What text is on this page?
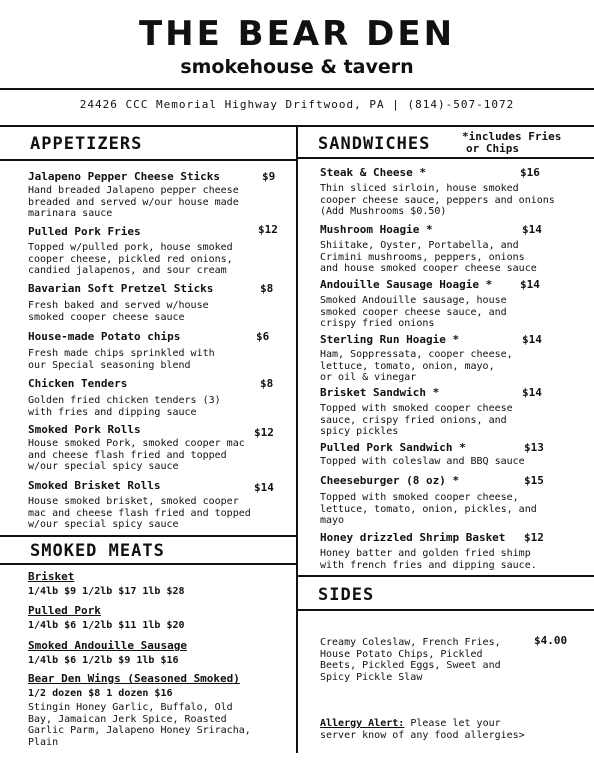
THE BEAR DEN
smokehouse & tavern
24426 CCC Memorial Highway Driftwood, PA | (814)-507-1072
APPETIZERS
Jalapeno Pepper Cheese Sticks	$9
Hand breaded Jalapeno pepper cheese
breaded and served w/our house made
marinara sauce
Pulled Pork Fries	$12
Topped w/pulled pork, house smoked
cooper cheese, pickled red onions,
candied jalapenos, and sour cream
Bavarian Soft Pretzel Sticks	$8
Fresh baked and served w/house
smoked cooper cheese sauce
House-made Potato chips	$6
Fresh made chips sprinkled with
our Special seasoning blend
Chicken Tenders	$8
Golden fried chicken tenders (3)
with fries and dipping sauce
Smoked Pork Rolls	$12
House smoked Pork, smoked cooper mac
and cheese flash fried and topped
w/our special spicy sauce
Smoked Brisket Rolls	$14
House smoked brisket, smoked cooper
mac and cheese flash fried and topped
w/our special spicy sauce
SMOKED MEATS
Brisket
1/4lb $9 1/2lb $17 1lb $28
Pulled Pork
1/4lb $6 1/2lb $11 1lb $20
Smoked Andouille Sausage
1/4lb $6 1/2lb $9 1lb $16
Bear Den Wings (Seasoned Smoked)
1/2 dozen $8 1 dozen $16
Stingin Honey Garlic, Buffalo, Old
Bay, Jamaican Jerk Spice, Roasted
Garlic Parm, Jalapeno Honey Sriracha,
Plain
SANDWICHES	*includes Fries
or Chips
Steak & Cheese *	$16
Thin sliced sirloin, house smoked
cooper cheese sauce, peppers and onions
(Add Mushrooms $0.50)
Mushroom Hoagie *	$14
Shiitake, Oyster, Portabella, and
Crimini mushrooms, peppers, onions
and house smoked cooper cheese sauce
Andouille Sausage Hoagie *	$14
Smoked Andouille sausage, house
smoked cooper cheese sauce, and
crispy fried onions
Sterling Run Hoagie *	$14
Ham, Soppressata, cooper cheese,
lettuce, tomato, onion, mayo,
or oil & vinegar
Brisket Sandwich *	$14
Topped with smoked cooper cheese
sauce, crispy fried onions, and
spicy pickles
Pulled Pork Sandwich *	$13
Topped with coleslaw and BBQ sauce
Cheeseburger (8 oz) *	$15
Topped with smoked cooper cheese,
lettuce, tomato, onion, pickles, and
mayo
Honey drizzled Shrimp Basket	$12
Honey batter and golden fried shimp
with french fries and dipping sauce.
SIDES
Creamy Coleslaw, French Fries,
House Potato Chips, Pickled
Beets, Pickled Eggs, Sweet and
Spicy Pickle Slaw
$4.00
Allergy Alert: Please let your
server know of any food allergies>
